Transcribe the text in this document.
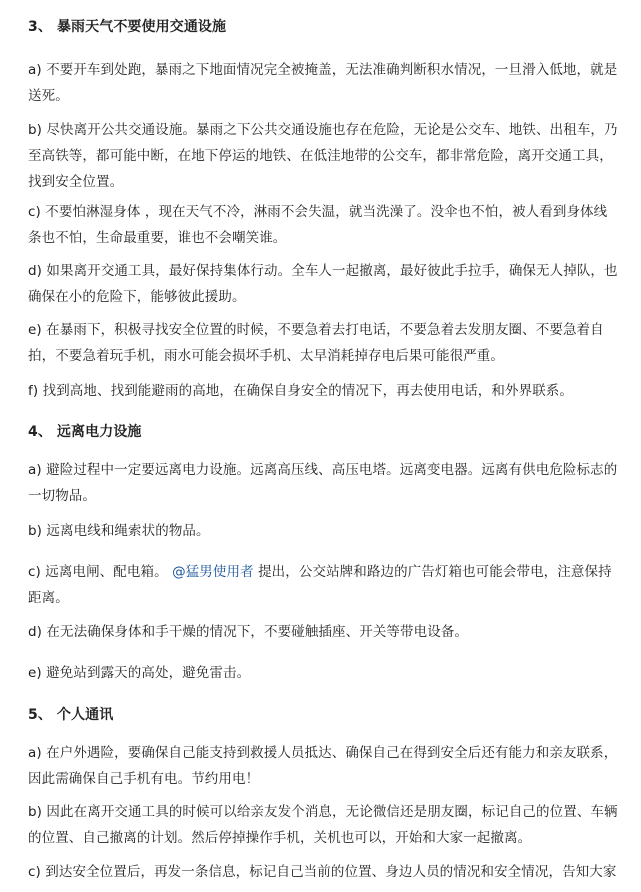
3、 暴雨天气不要使用交通设施

a) 不要开车到处跑，暴雨之下地面情况完全被掩盖，无法准确判断积水情况，一旦滑入低地，就是送死。

b) 尽快离开公共交通设施。暴雨之下公共交通设施也存在危险，无论是公交车、地铁、出租车，乃至高铁等，都可能中断，在地下停运的地铁、在低洼地带的公交车，都非常危险，离开交通工具，找到安全位置。

c) 不要怕淋湿身体 ，现在天气不冷，淋雨不会失温，就当洗澡了。没伞也不怕，被人看到身体线条也不怕，生命最重要，谁也不会嘲笑谁。

d) 如果离开交通工具，最好保持集体行动。全车人一起撤离，最好彼此手拉手，确保无人掉队，也确保在小的危险下，能够彼此援助。

e) 在暴雨下，积极寻找安全位置的时候，不要急着去打电话，不要急着去发朋友圈、不要急着自拍，不要急着玩手机，雨水可能会损坏手机、太早消耗掉存电后果可能很严重。

f) 找到高地、找到能避雨的高地，在确保自身安全的情况下，再去使用电话，和外界联系。

4、 远离电力设施

a) 避险过程中一定要远离电力设施。远离高压线、高压电塔。远离变电器。远离有供电危险标志的一切物品。

b) 远离电线和绳索状的物品。

c) 远离电闸、配电箱。 @猛男使用者 提出，公交站牌和路边的广告灯箱也可能会带电，注意保持距离。

d) 在无法确保身体和手干燥的情况下，不要碰触插座、开关等带电设备。

e) 避免站到露天的高处，避免雷击。

5、 个人通讯

a) 在户外遇险，要确保自己能支持到救援人员抵达、确保自己在得到安全后还有能力和亲友联系，因此需确保自己手机有电。节约用电！

b) 因此在离开交通工具的时候可以给亲友发个消息，无论微信还是朋友圈，标记自己的位置、车辆的位置、自己撤离的计划。然后停掉操作手机，关机也可以，开始和大家一起撤离。

c) 到达安全位置后，再发一条信息，标记自己当前的位置、身边人员的情况和安全情况，告知大家
